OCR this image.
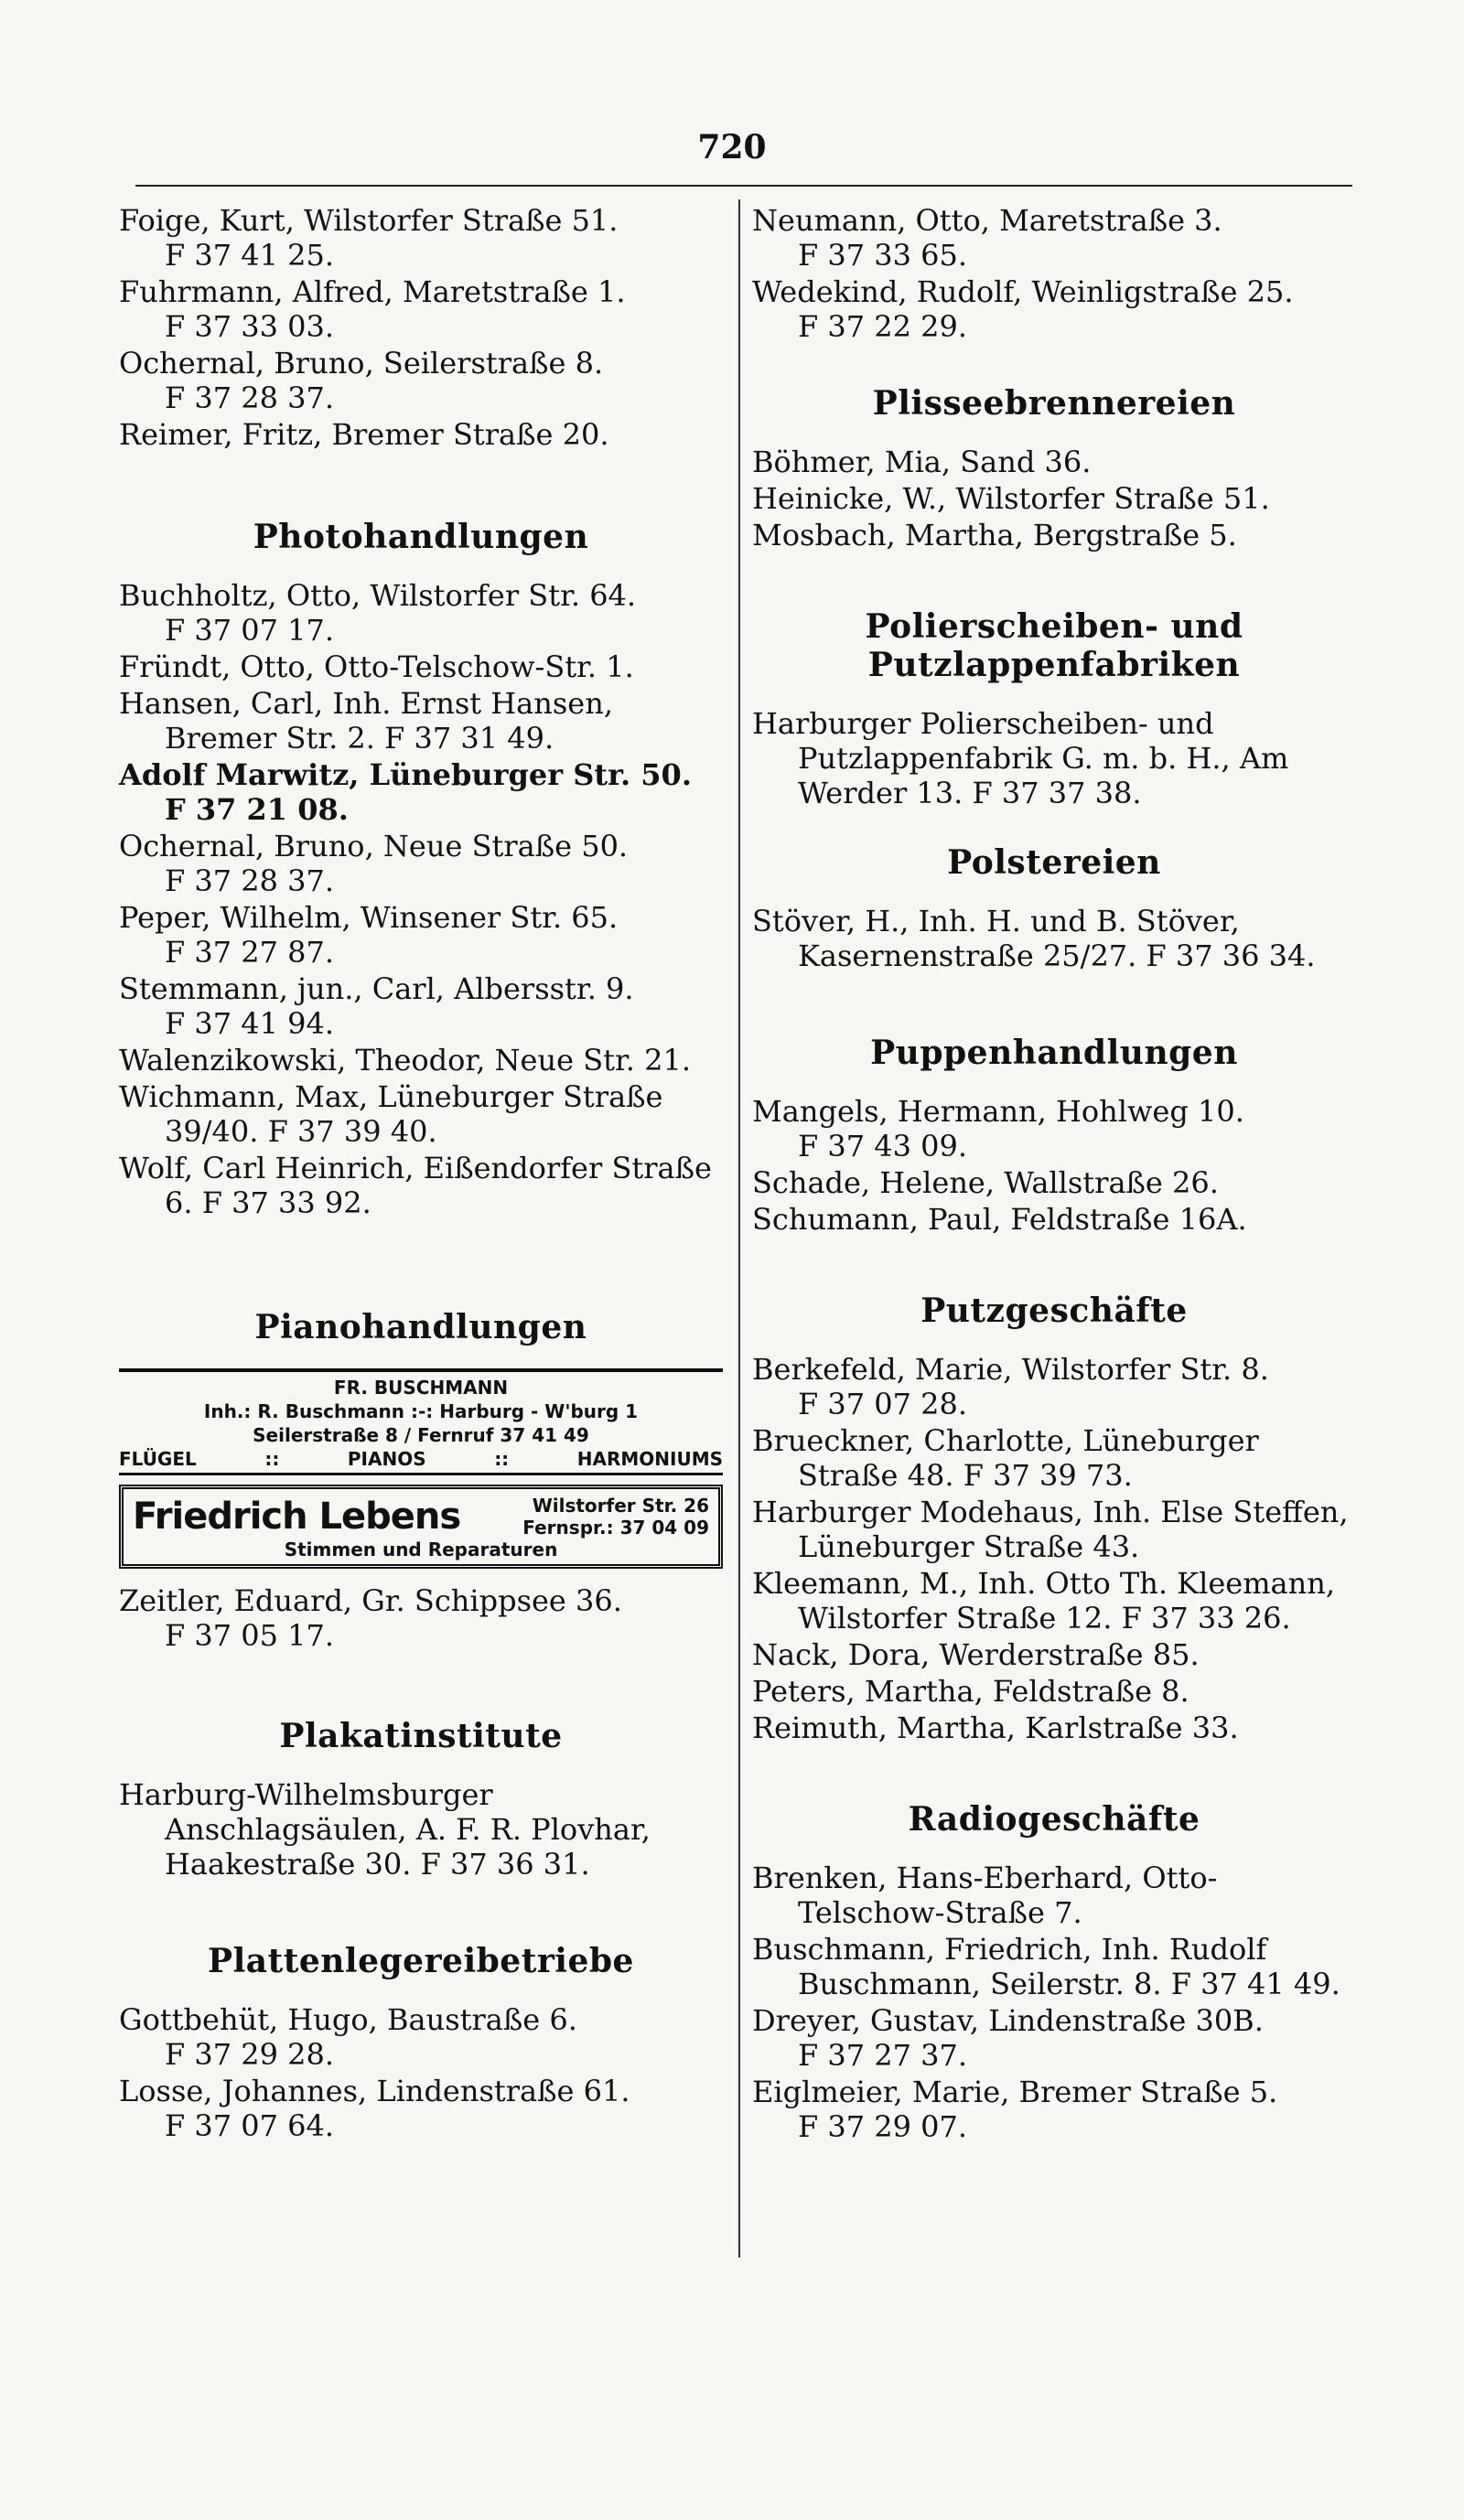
720
Foige, Kurt, Wilstorfer Straße 51. F 37 41 25.
Fuhrmann, Alfred, Maretstraße 1. F 37 33 03.
Ochernal, Bruno, Seilerstraße 8. F 37 28 37.
Reimer, Fritz, Bremer Straße 20.
Photohandlungen
Buchholtz, Otto, Wilstorfer Str. 64. F 37 07 17.
Fründt, Otto, Otto-Telschow-Str. 1.
Hansen, Carl, Inh. Ernst Hansen, Bremer Str. 2. F 37 31 49.
Adolf Marwitz, Lüneburger Str. 50. F 37 21 08.
Ochernal, Bruno, Neue Straße 50. F 37 28 37.
Peper, Wilhelm, Winsener Str. 65. F 37 27 87.
Stemmann, jun., Carl, Albersstr. 9. F 37 41 94.
Walenzikowski, Theodor, Neue Str. 21.
Wichmann, Max, Lüneburger Straße 39/40. F 37 39 40.
Wolf, Carl Heinrich, Eißendorfer Straße 6. F 37 33 92.
Pianohandlungen
FR. BUSCHMANN
Inh.: R. Buschmann :-: Harburg - W'burg 1
Seilerstraße 8 / Fernruf 37 41 49
FLÜGEL	::	PIANOS	::	HARMONIUMS
Friedrich Lebens	Wilstorfer Str. 26
Fernspr.: 37 04 09
Stimmen und Reparaturen
Zeitler, Eduard, Gr. Schippsee 36. F 37 05 17.
Plakatinstitute
Harburg-Wilhelmsburger Anschlagsäulen, A. F. R. Plovhar, Haakestraße 30. F 37 36 31.
Plattenlegereibetriebe
Gottbehüt, Hugo, Baustraße 6. F 37 29 28.
Losse, Johannes, Lindenstraße 61. F 37 07 64.
Neumann, Otto, Maretstraße 3. F 37 33 65.
Wedekind, Rudolf, Weinligstraße 25. F 37 22 29.
Plisseebrennereien
Böhmer, Mia, Sand 36.
Heinicke, W., Wilstorfer Straße 51.
Mosbach, Martha, Bergstraße 5.
Polierscheiben- und Putzlappenfabriken
Harburger Polierscheiben- und Putzlappenfabrik G. m. b. H., Am Werder 13. F 37 37 38.
Polstereien
Stöver, H., Inh. H. und B. Stöver, Kasernenstraße 25/27. F 37 36 34.
Puppenhandlungen
Mangels, Hermann, Hohlweg 10. F 37 43 09.
Schade, Helene, Wallstraße 26.
Schumann, Paul, Feldstraße 16A.
Putzgeschäfte
Berkefeld, Marie, Wilstorfer Str. 8. F 37 07 28.
Brueckner, Charlotte, Lüneburger Straße 48. F 37 39 73.
Harburger Modehaus, Inh. Else Steffen, Lüneburger Straße 43.
Kleemann, M., Inh. Otto Th. Kleemann, Wilstorfer Straße 12. F 37 33 26.
Nack, Dora, Werderstraße 85.
Peters, Martha, Feldstraße 8.
Reimuth, Martha, Karlstraße 33.
Radiogeschäfte
Brenken, Hans-Eberhard, Otto-Telschow-Straße 7.
Buschmann, Friedrich, Inh. Rudolf Buschmann, Seilerstr. 8. F 37 41 49.
Dreyer, Gustav, Lindenstraße 30B. F 37 27 37.
Eiglmeier, Marie, Bremer Straße 5. F 37 29 07.
